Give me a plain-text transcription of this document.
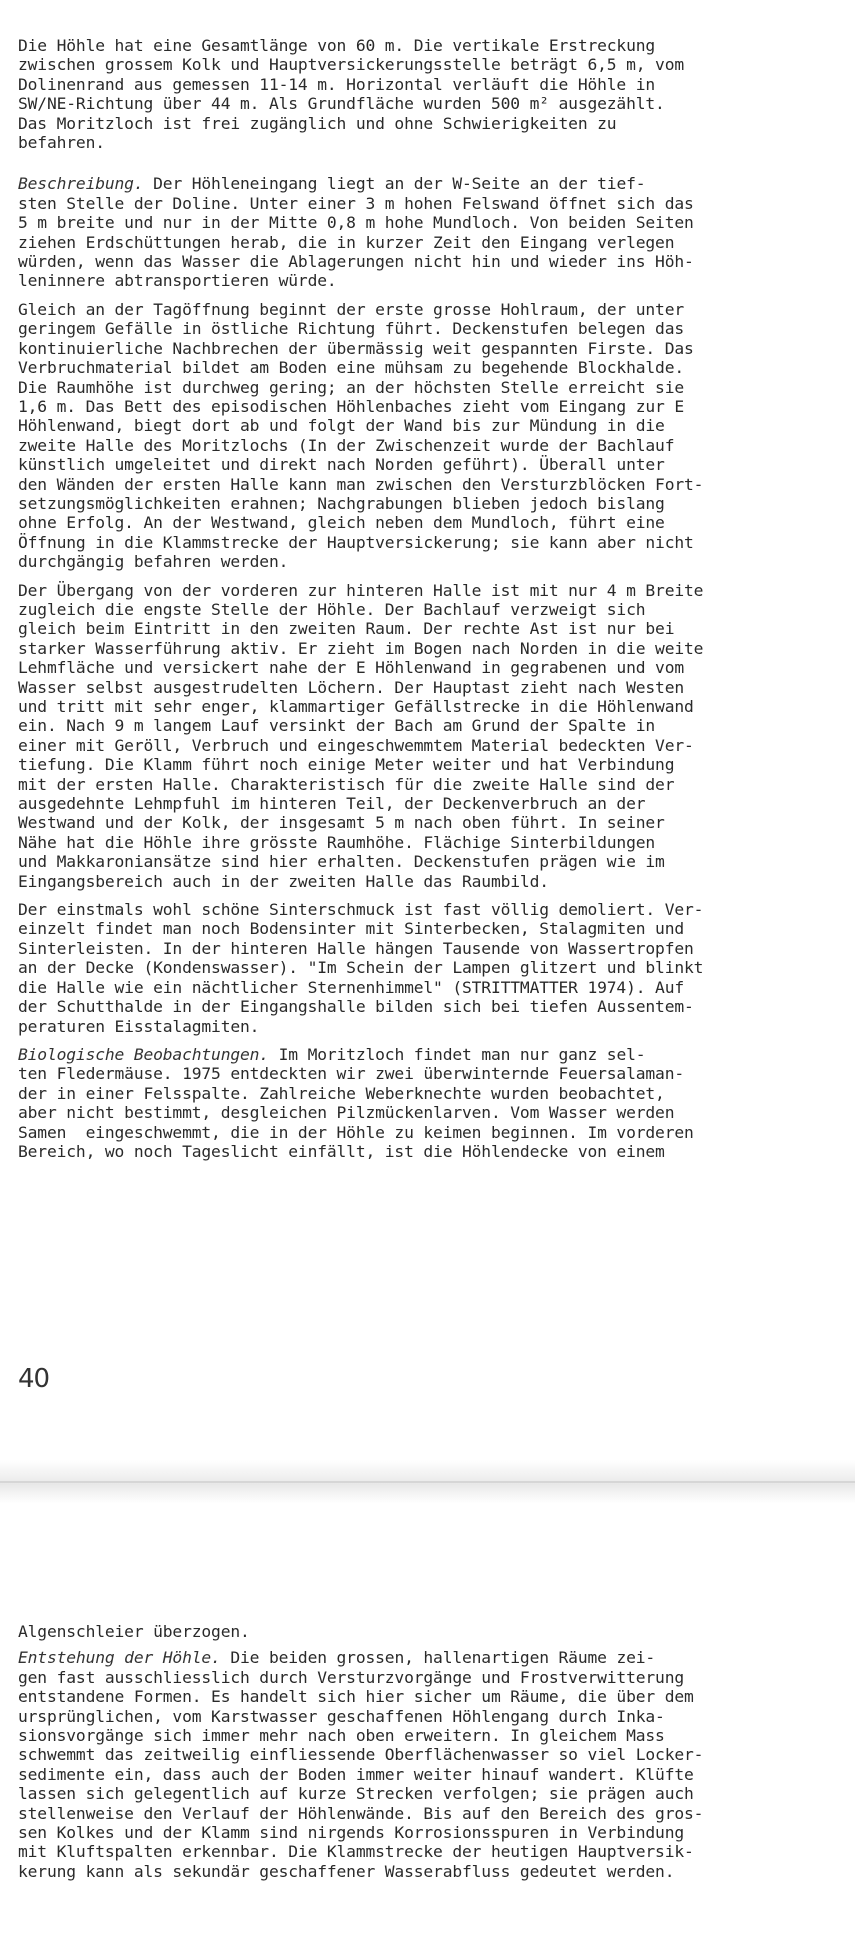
Die Höhle hat eine Gesamtlänge von 60 m. Die vertikale Erstreckung
zwischen grossem Kolk und Hauptversickerungsstelle beträgt 6,5 m, vom
Dolinenrand aus gemessen 11-14 m. Horizontal verläuft die Höhle in
SW/NE-Richtung über 44 m. Als Grundfläche wurden 500 m² ausgezählt.
Das Moritzloch ist frei zugänglich und ohne Schwierigkeiten zu
befahren.

Beschreibung. Der Höhleneingang liegt an der W-Seite an der tief-
sten Stelle der Doline. Unter einer 3 m hohen Felswand öffnet sich das
5 m breite und nur in der Mitte 0,8 m hohe Mundloch. Von beiden Seiten
ziehen Erdschüttungen herab, die in kurzer Zeit den Eingang verlegen
würden, wenn das Wasser die Ablagerungen nicht hin und wieder ins Höh-
leninnere abtransportieren würde.

Gleich an der Tagöffnung beginnt der erste grosse Hohlraum, der unter
geringem Gefälle in östliche Richtung führt. Deckenstufen belegen das
kontinuierliche Nachbrechen der übermässig weit gespannten Firste. Das
Verbruchmaterial bildet am Boden eine mühsam zu begehende Blockhalde.
Die Raumhöhe ist durchweg gering; an der höchsten Stelle erreicht sie
1,6 m. Das Bett des episodischen Höhlenbaches zieht vom Eingang zur E
Höhlenwand, biegt dort ab und folgt der Wand bis zur Mündung in die
zweite Halle des Moritzlochs (In der Zwischenzeit wurde der Bachlauf
künstlich umgeleitet und direkt nach Norden geführt). Überall unter
den Wänden der ersten Halle kann man zwischen den Versturzblöcken Fort-
setzungsmöglichkeiten erahnen; Nachgrabungen blieben jedoch bislang
ohne Erfolg. An der Westwand, gleich neben dem Mundloch, führt eine
Öffnung in die Klammstrecke der Hauptversickerung; sie kann aber nicht
durchgängig befahren werden.

Der Übergang von der vorderen zur hinteren Halle ist mit nur 4 m Breite
zugleich die engste Stelle der Höhle. Der Bachlauf verzweigt sich
gleich beim Eintritt in den zweiten Raum. Der rechte Ast ist nur bei
starker Wasserführung aktiv. Er zieht im Bogen nach Norden in die weite
Lehmfläche und versickert nahe der E Höhlenwand in gegrabenen und vom
Wasser selbst ausgestrudelten Löchern. Der Hauptast zieht nach Westen
und tritt mit sehr enger, klammartiger Gefällstrecke in die Höhlenwand
ein. Nach 9 m langem Lauf versinkt der Bach am Grund der Spalte in
einer mit Geröll, Verbruch und eingeschwemmtem Material bedeckten Ver-
tiefung. Die Klamm führt noch einige Meter weiter und hat Verbindung
mit der ersten Halle. Charakteristisch für die zweite Halle sind der
ausgedehnte Lehmpfuhl im hinteren Teil, der Deckenverbruch an der
Westwand und der Kolk, der insgesamt 5 m nach oben führt. In seiner
Nähe hat die Höhle ihre grösste Raumhöhe. Flächige Sinterbildungen
und Makkaroniansätze sind hier erhalten. Deckenstufen prägen wie im
Eingangsbereich auch in der zweiten Halle das Raumbild.

Der einstmals wohl schöne Sinterschmuck ist fast völlig demoliert. Ver-
einzelt findet man noch Bodensinter mit Sinterbecken, Stalagmiten und
Sinterleisten. In der hinteren Halle hängen Tausende von Wassertropfen
an der Decke (Kondenswasser). "Im Schein der Lampen glitzert und blinkt
die Halle wie ein nächtlicher Sternenhimmel" (STRITTMATTER 1974). Auf
der Schutthalde in der Eingangshalle bilden sich bei tiefen Aussentem-
peraturen Eisstalagmiten.

Biologische Beobachtungen. Im Moritzloch findet man nur ganz sel-
ten Fledermäuse. 1975 entdeckten wir zwei überwinternde Feuersalaman-
der in einer Felsspalte. Zahlreiche Weberknechte wurden beobachtet,
aber nicht bestimmt, desgleichen Pilzmückenlarven. Vom Wasser werden
Samen  eingeschwemmt, die in der Höhle zu keimen beginnen. Im vorderen
Bereich, wo noch Tageslicht einfällt, ist die Höhlendecke von einem

40

Algenschleier überzogen.

Entstehung der Höhle. Die beiden grossen, hallenartigen Räume zei-
gen fast ausschliesslich durch Versturzvorgänge und Frostverwitterung
entstandene Formen. Es handelt sich hier sicher um Räume, die über dem
ursprünglichen, vom Karstwasser geschaffenen Höhlengang durch Inka-
sionsvorgänge sich immer mehr nach oben erweitern. In gleichem Mass
schwemmt das zeitweilig einfliessende Oberflächenwasser so viel Locker-
sedimente ein, dass auch der Boden immer weiter hinauf wandert. Klüfte
lassen sich gelegentlich auf kurze Strecken verfolgen; sie prägen auch
stellenweise den Verlauf der Höhlenwände. Bis auf den Bereich des gros-
sen Kolkes und der Klamm sind nirgends Korrosionsspuren in Verbindung
mit Kluftspalten erkennbar. Die Klammstrecke der heutigen Hauptversik-
kerung kann als sekundär geschaffener Wasserabfluss gedeutet werden.
